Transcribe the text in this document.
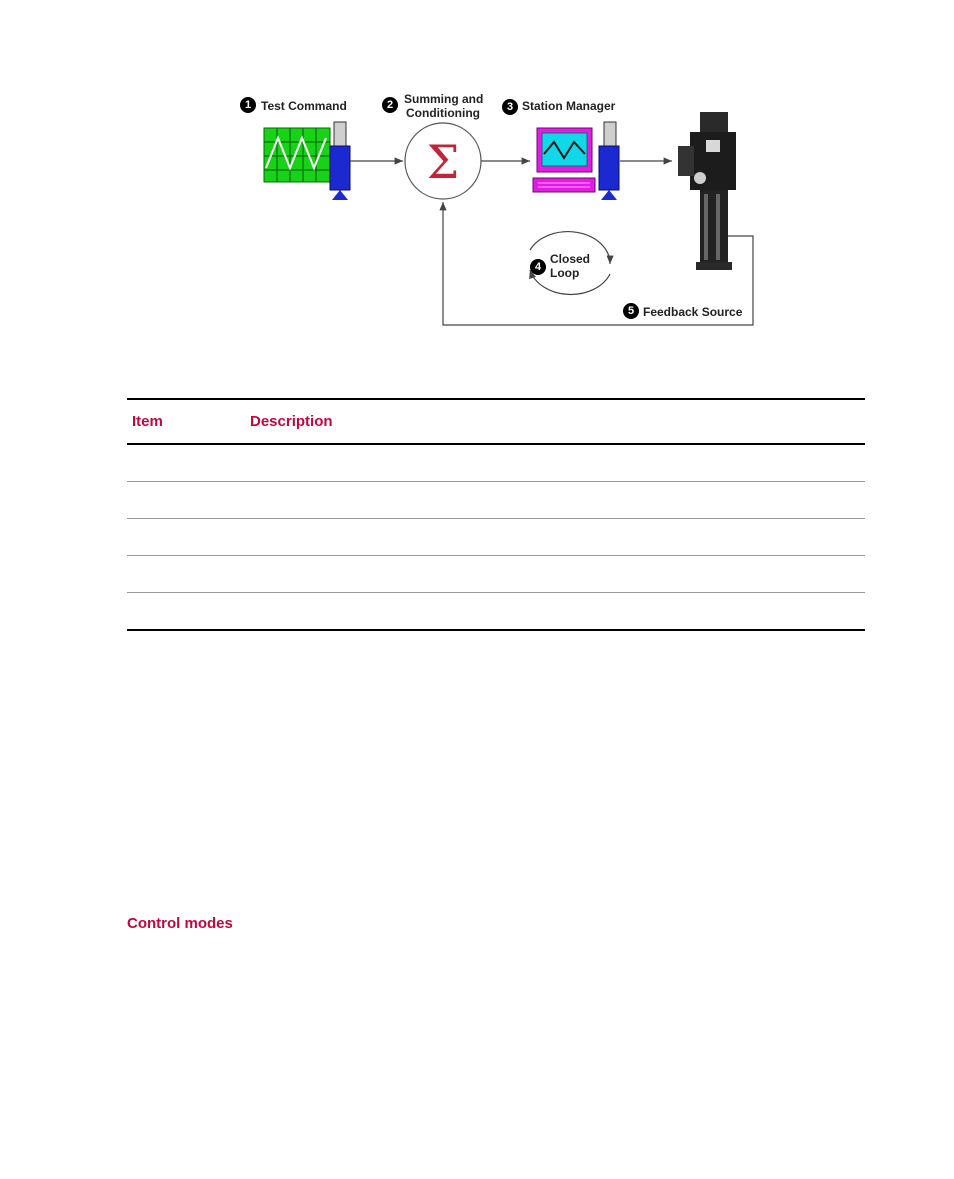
Σ
1 Test Command	2 Summing and
Conditioning	3 Station Manager
4
Closed
Loop
5 Feedback Source
Item	Description
Control modes
